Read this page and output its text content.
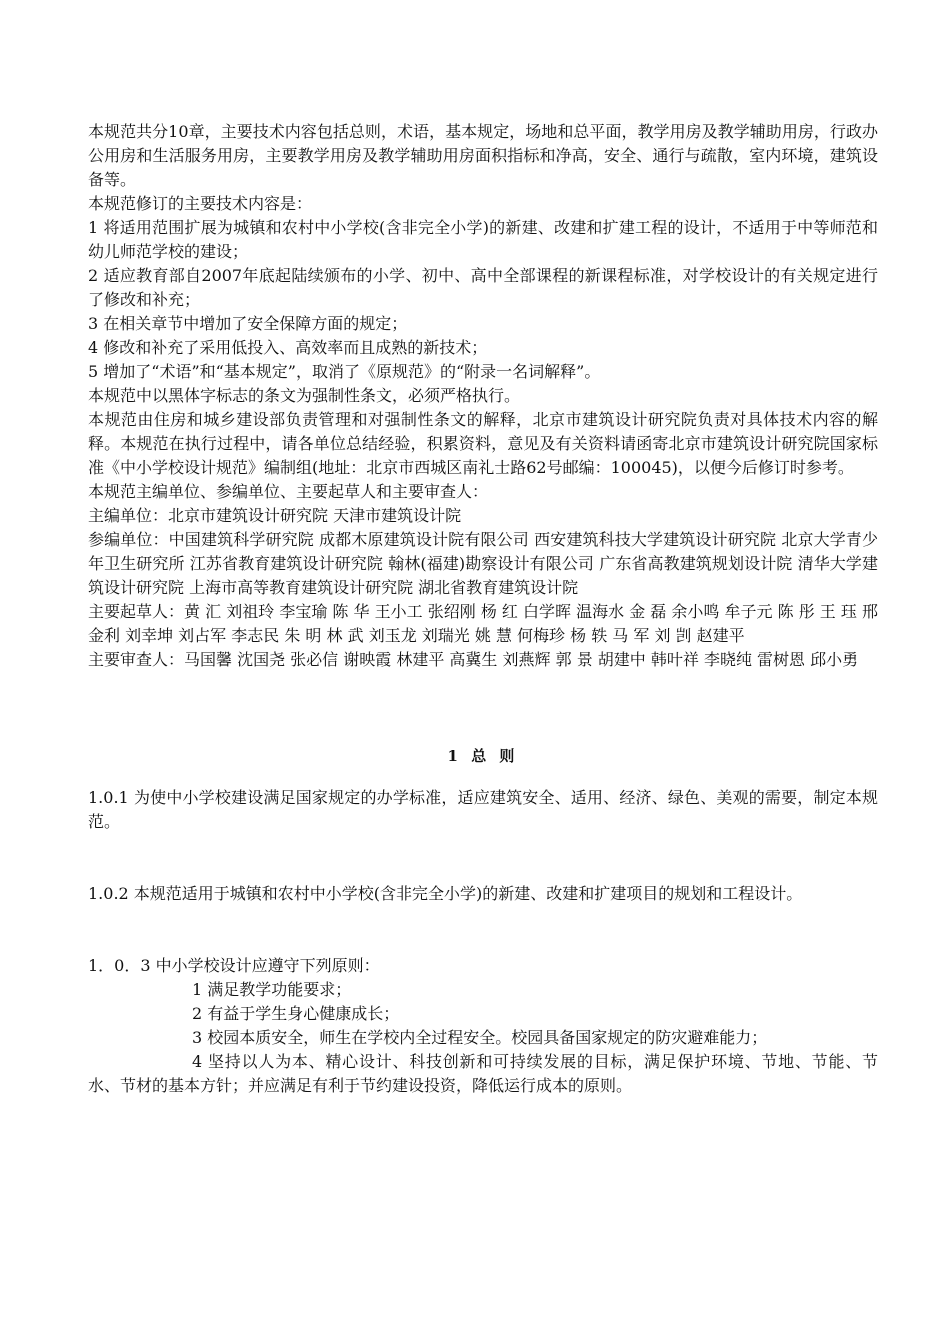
本规范共分10章，主要技术内容包括总则，术语，基本规定，场地和总平面，教学用房及教学辅助用房，行政办公用房和生活服务用房，主要教学用房及教学辅助用房面积指标和净高，安全、通行与疏散，室内环境，建筑设备等。

本规范修订的主要技术内容是：

1 将适用范围扩展为城镇和农村中小学校(含非完全小学)的新建、改建和扩建工程的设计，不适用于中等师范和幼儿师范学校的建设；

2 适应教育部自2007年底起陆续颁布的小学、初中、高中全部课程的新课程标准，对学校设计的有关规定进行了修改和补充；

3 在相关章节中增加了安全保障方面的规定；

4 修改和补充了采用低投入、高效率而且成熟的新技术；

5 增加了“术语”和“基本规定”，取消了《原规范》的“附录一名词解释”。

本规范中以黑体字标志的条文为强制性条文，必须严格执行。

本规范由住房和城乡建设部负责管理和对强制性条文的解释，北京市建筑设计研究院负责对具体技术内容的解释。本规范在执行过程中，请各单位总结经验，积累资料，意见及有关资料请函寄北京市建筑设计研究院国家标准《中小学校设计规范》编制组(地址：北京市西城区南礼士路62号邮编：100045)，以便今后修订时参考。

本规范主编单位、参编单位、主要起草人和主要审查人：

主编单位：北京市建筑设计研究院 天津市建筑设计院

参编单位：中国建筑科学研究院 成都木原建筑设计院有限公司 西安建筑科技大学建筑设计研究院 北京大学青少年卫生研究所 江苏省教育建筑设计研究院 翰林(福建)勘察设计有限公司 广东省高教建筑规划设计院 清华大学建筑设计研究院 上海市高等教育建筑设计研究院 湖北省教育建筑设计院

主要起草人：黄 汇 刘祖玲 李宝瑜 陈 华 王小工 张绍刚 杨 红 白学晖 温海水 金 磊 余小鸣 牟子元 陈 彤 王 珏 邢金利 刘幸坤 刘占军 李志民 朱 明 林 武 刘玉龙 刘瑞光 姚 慧 何梅珍 杨 轶 马 军 刘 剀 赵建平

主要审查人：马国馨 沈国尧 张必信 谢映霞 林建平 高冀生 刘燕辉 郭 景 胡建中 韩叶祥 李晓纯 雷树恩 邱小勇

1 总 则

1.0.1 为使中小学校建设满足国家规定的办学标准，适应建筑安全、适用、经济、绿色、美观的需要，制定本规范。

1.0.2 本规范适用于城镇和农村中小学校(含非完全小学)的新建、改建和扩建项目的规划和工程设计。

1．0．3 中小学校设计应遵守下列原则：

1 满足教学功能要求；

2 有益于学生身心健康成长；

3 校园本质安全，师生在学校内全过程安全。校园具备国家规定的防灾避难能力；

4 坚持以人为本、精心设计、科技创新和可持续发展的目标，满足保护环境、节地、节能、节水、节材的基本方针；并应满足有利于节约建设投资，降低运行成本的原则。
